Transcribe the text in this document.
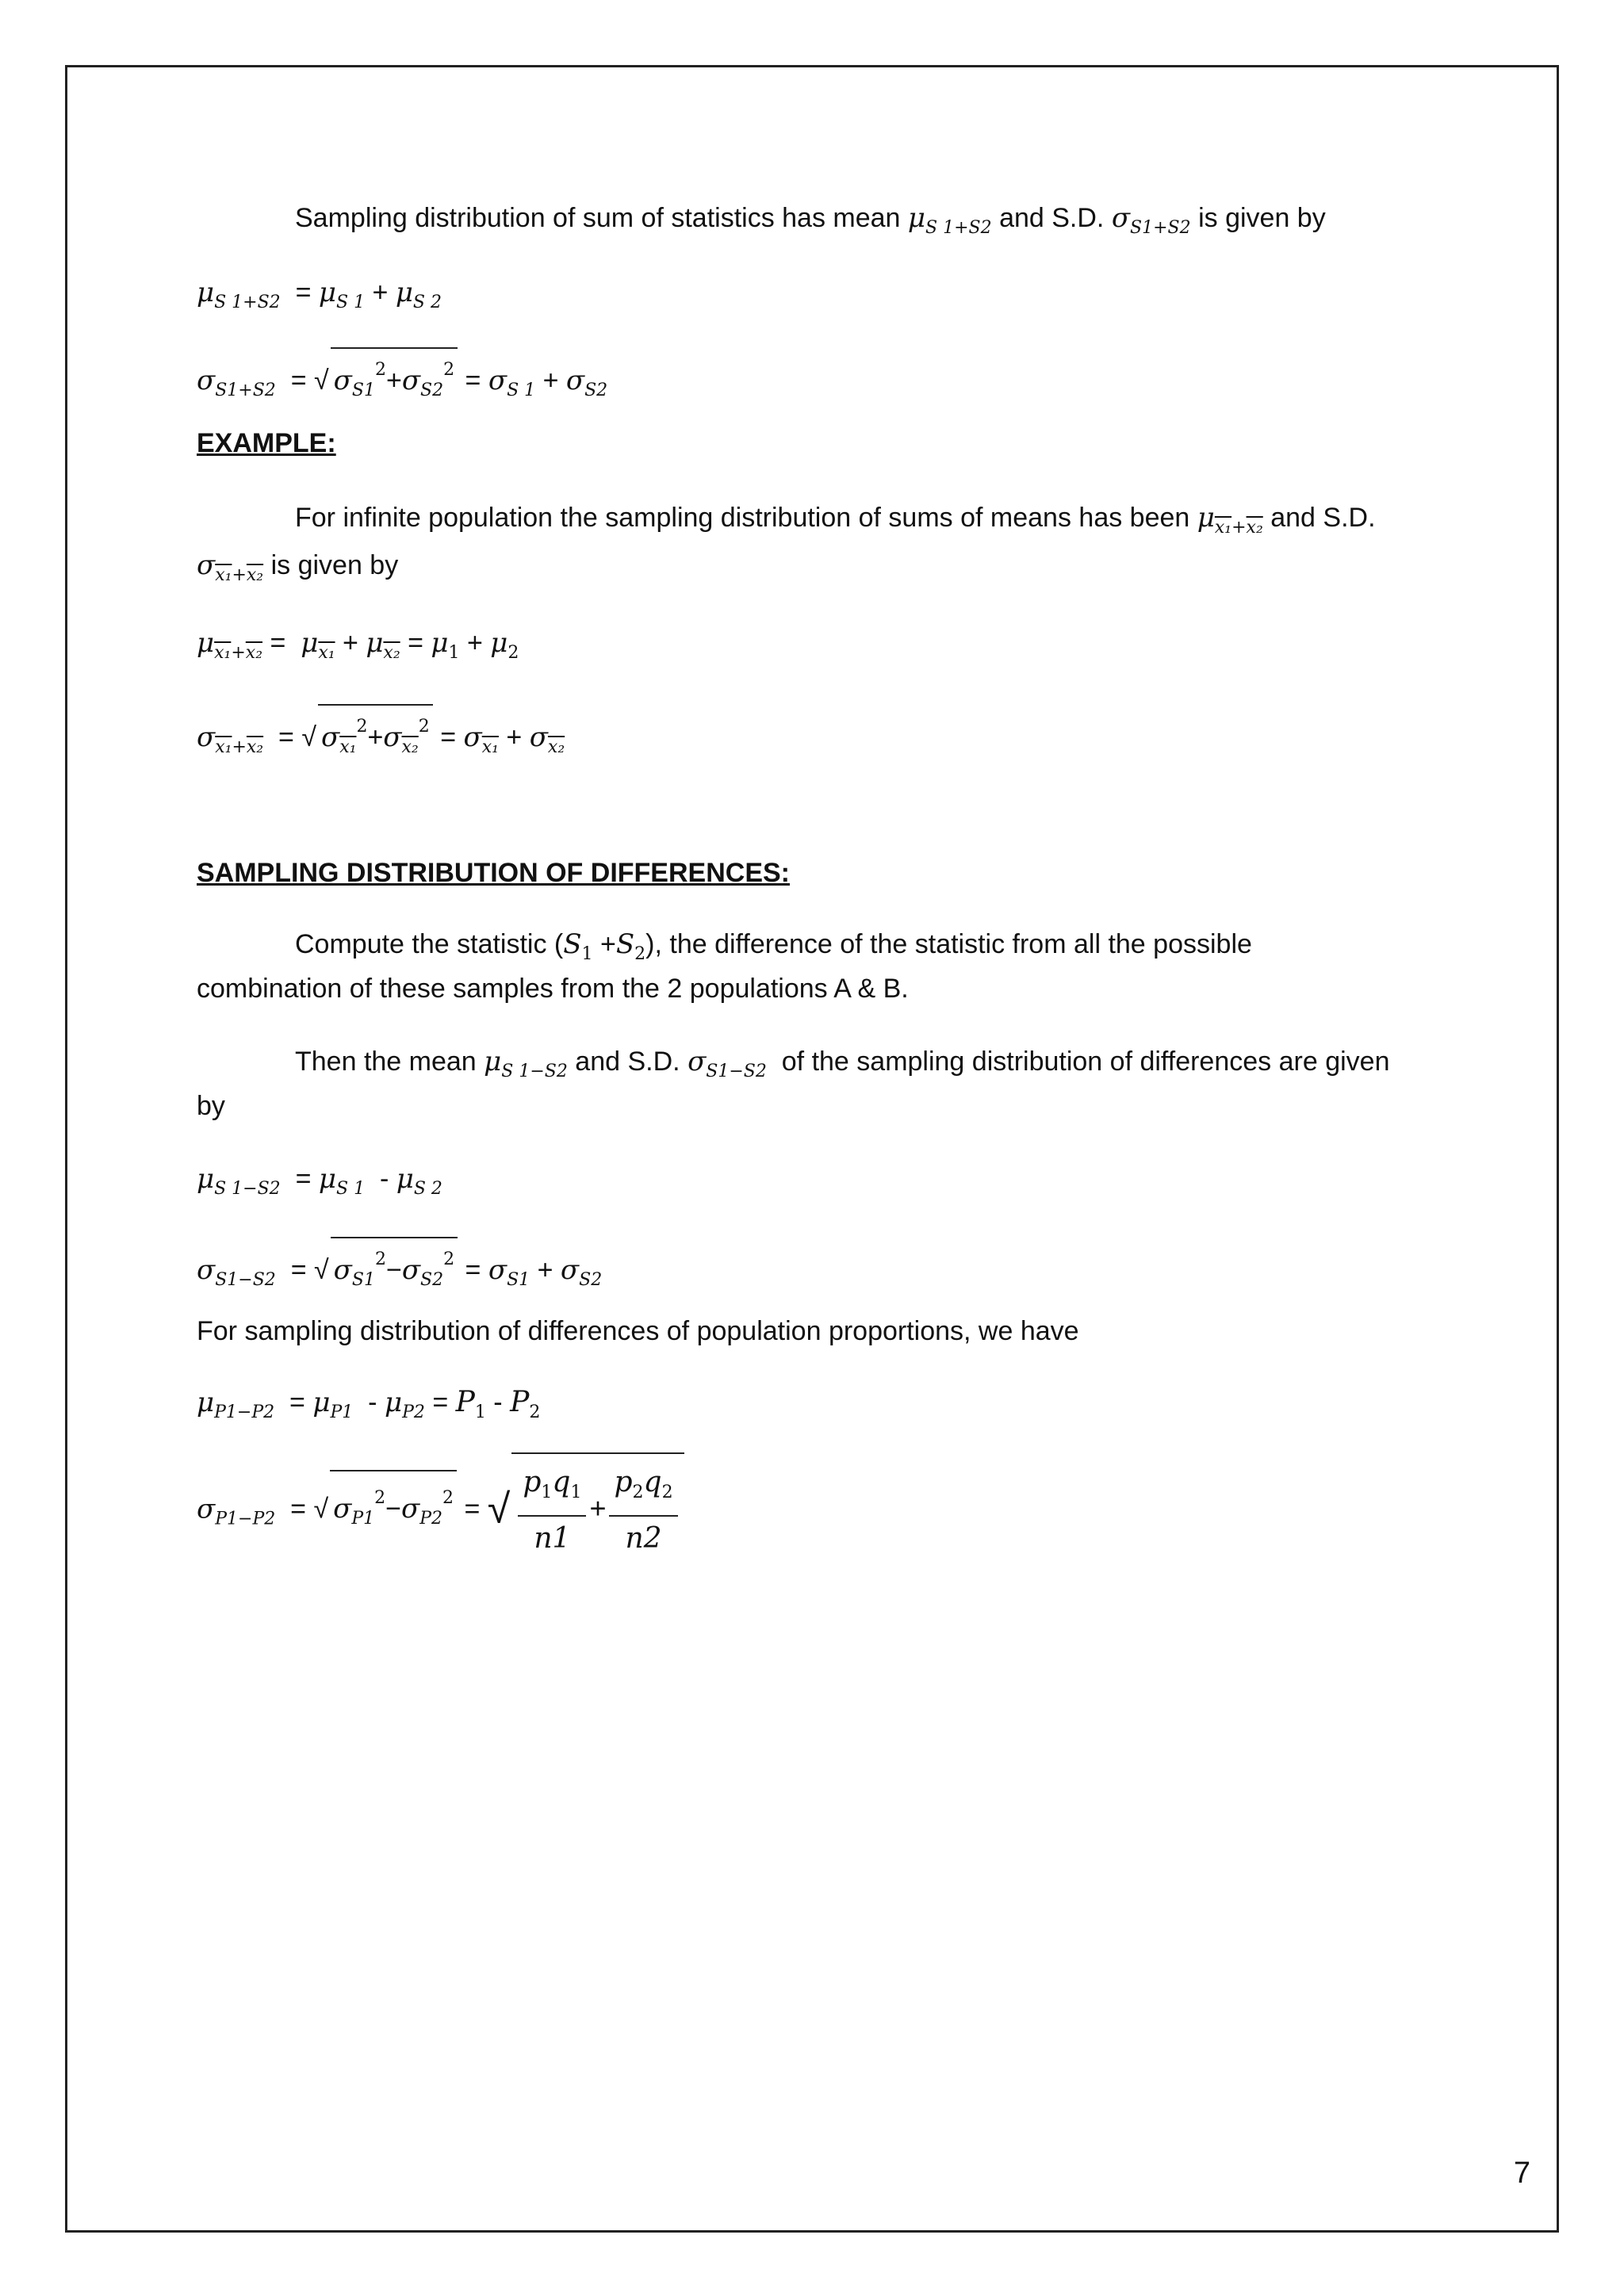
Sampling distribution of sum of statistics has mean $\mu_{S 1+S2}$ and S.D. $\sigma_{S1+S2}$ is given by
$\mu_{S 1+S2} = \mu_{S 1} + \mu_{S 2}$
$\sigma_{S1+S2}$  = √ $\sigma_{S1}^2+\sigma_{S2}^2 = \sigma_{S 1} + \sigma_{S2}$
EXAMPLE:
For infinite population the sampling distribution of sums of means has been $\mu_{x_1+x_2}$ and S.D.
$\sigma_{x_1+x_2}$ is given by
$\mu_{x_1+x_2} = \mu_{x_1} + \mu_{x_2} = \mu_1 + \mu_2$
$\sigma_{x_1+x_2}$  = √ $\sigma_{x_1}^2+\sigma_{x_2}^2 = \sigma_{x_1} + \sigma_{x_2}$
SAMPLING DISTRIBUTION OF DIFFERENCES:
Compute the statistic $(S_1 +S_2)$, the difference of the statistic from all the possible
combination of these samples from the 2 populations A & B.
Then the mean $\mu_{S 1-S2}$ and S.D. $\sigma_{S1-S2}$ of the sampling distribution of differences are given
by
$\mu_{S 1-S2} = \mu_{S 1} - \mu_{S 2}$
$\sigma_{S1-S2}$  = √ $\sigma_{S1}^2-\sigma_{S2}^2 = \sigma_{S1} + \sigma_{S2}$
For sampling distribution of differences of population proportions, we have
$\mu_{P1-P2} = \mu_{P1} - \mu_{P2} = P_1 - P_2$
$\sigma_{P1-P2}$  = √ $\sigma_{P1}^2-\sigma_{P2}^2$ = √ $\frac{p_1q_1}{n1} + \frac{p_2q_2}{n2}$
7
